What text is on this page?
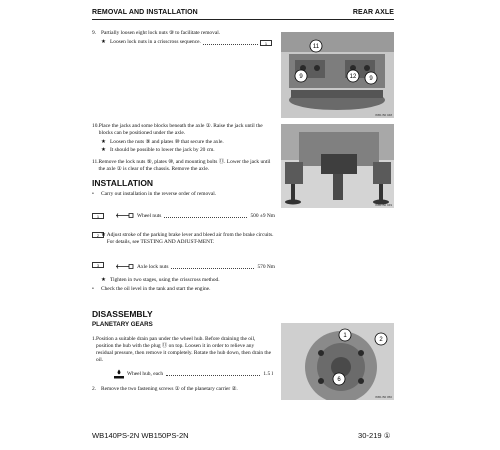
REMOVAL AND INSTALLATION	REAR AXLE

9. Partially loosen eight lock nuts ⑨ to facilitate removal.

★ Loosen lock nuts in a crisscross sequence.	1

11
9	12 9
WB1 B0 048

10. Place the jacks and some blocks beneath the axle ①. Raise the jack until the blocks can be positioned under the axle.

★ Loosen the nuts ⑨ and plates ⑩ that secure the axle.

★ It should be possible to lower the jack by 20 cm.

11. Remove the lock nuts ⑨, plates ⑩, and mounting bolts ⑪. Lower the jack until the axle ① is clear of the chassis. Remove the axle.

WB1 B0 049
INSTALLATION

•	Carry out installation in the reverse order of removal.

1	Wheel nuts	500 ±9 Nm
2 ★ Adjust stroke of the parking brake lever and bleed air from the brake circuits. For details, see TESTING AND ADJUST-MENT.

3	Axle lock nuts	570 Nm

★ Tighten in two stages, using the crisscross method.

•	Check the oil level in the tank and start the engine.

DISASSEMBLY
PLANETARY GEARS

1. Position a suitable drain pan under the wheel hub. Before draining the oil, position the hub with the plug ⑪ on top. Loosen it in order to relieve any residual pressure, then remove it completely. Rotate the hub down, then drain the oil.

Wheel hub, each	1.5 l

2. Remove the two fastening screws ① of the planetary carrier ②.

1
2
6
WB1 B0 050
WB140PS-2N WB150PS-2N	30-219 ①
